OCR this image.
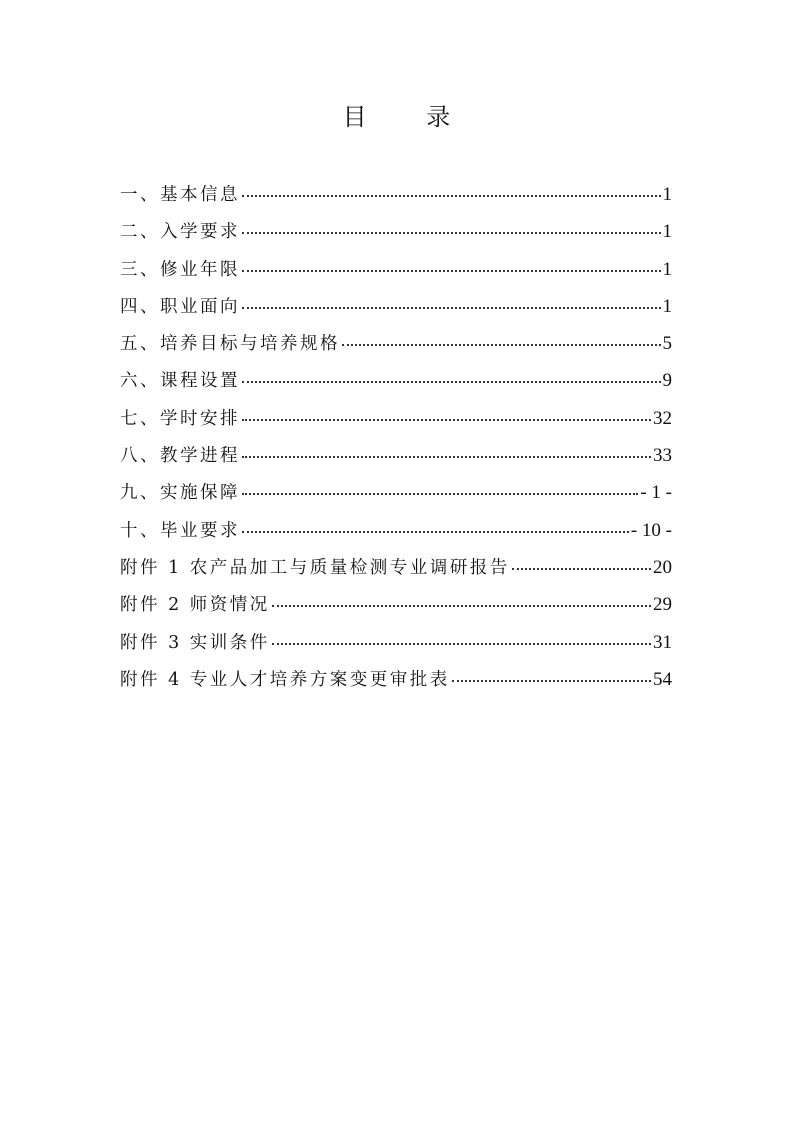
目 录
一、基本信息	1
二、入学要求	1
三、修业年限	1
四、职业面向	1
五、培养目标与培养规格	5
六、课程设置	9
七、学时安排	32
八、教学进程	33
九、实施保障	- 1 -
十、毕业要求	- 10 -
附件 1 农产品加工与质量检测专业调研报告	20
附件 2 师资情况	29
附件 3 实训条件	31
附件 4 专业人才培养方案变更审批表	54
